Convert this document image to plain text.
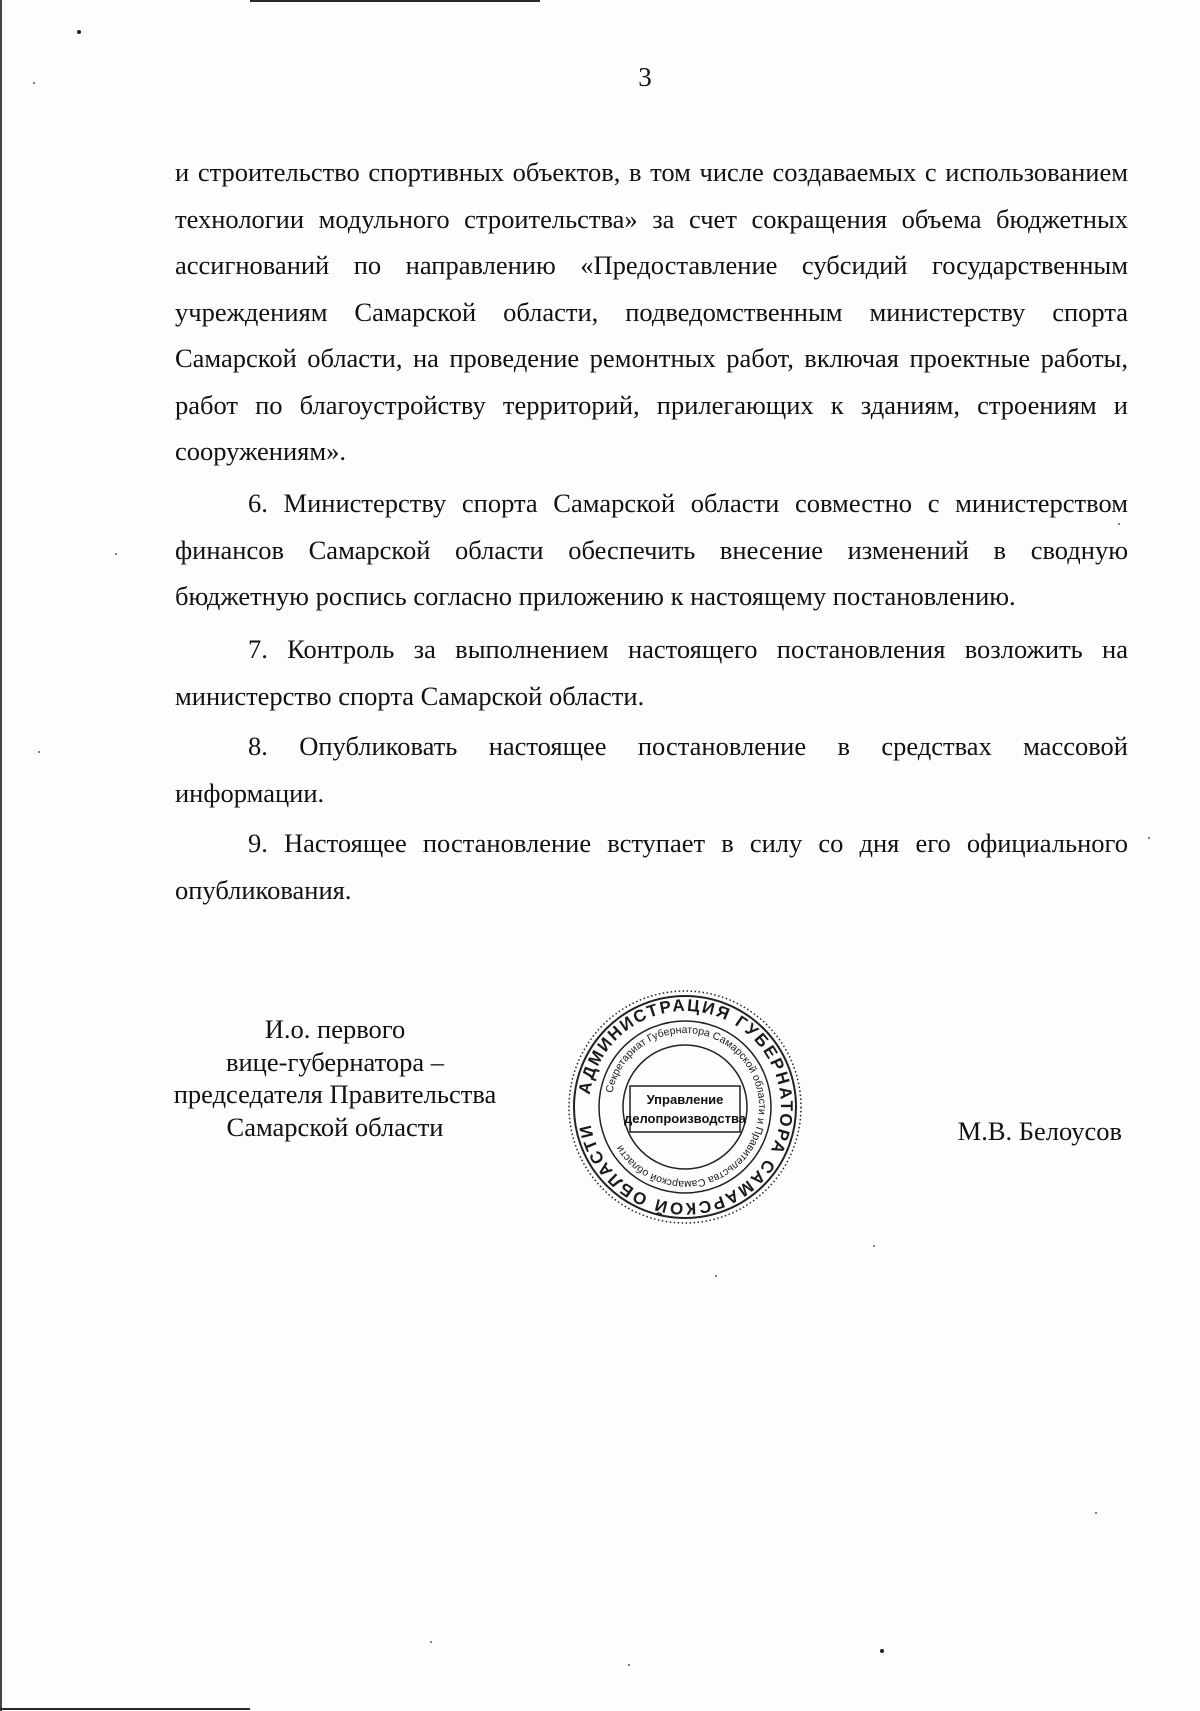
3

и строительство спортивных объектов, в том числе создаваемых с использованием технологии модульного строительства» за счет сокращения объема бюджетных ассигнований по направлению «Предоставление субсидий государственным учреждениям Самарской области, подведомственным министерству спорта Самарской области, на проведение ремонтных работ, включая проектные работы, работ по благоустройству территорий, прилегающих к зданиям, строениям и сооружениям».

6. Министерству спорта Самарской области совместно с министерством финансов Самарской области обеспечить внесение изменений в сводную бюджетную роспись согласно приложению к настоящему постановлению.

7. Контроль за выполнением настоящего постановления возложить на министерство спорта Самарской области.

8. Опубликовать настоящее постановление в средствах массовой информации.

9. Настоящее постановление вступает в силу со дня его официального опубликования.

И.о. первого
вице-губернатора –
председателя Правительства
Самарской области
АДМИНИСТРАЦИЯ ГУБЕРНАТОРА САМАРСКОЙ ОБЛАСТИ
Секретариат Губернатора Самарской области и Правительства Самарской области
Управление
делопроизводства	М.В. Белоусов
